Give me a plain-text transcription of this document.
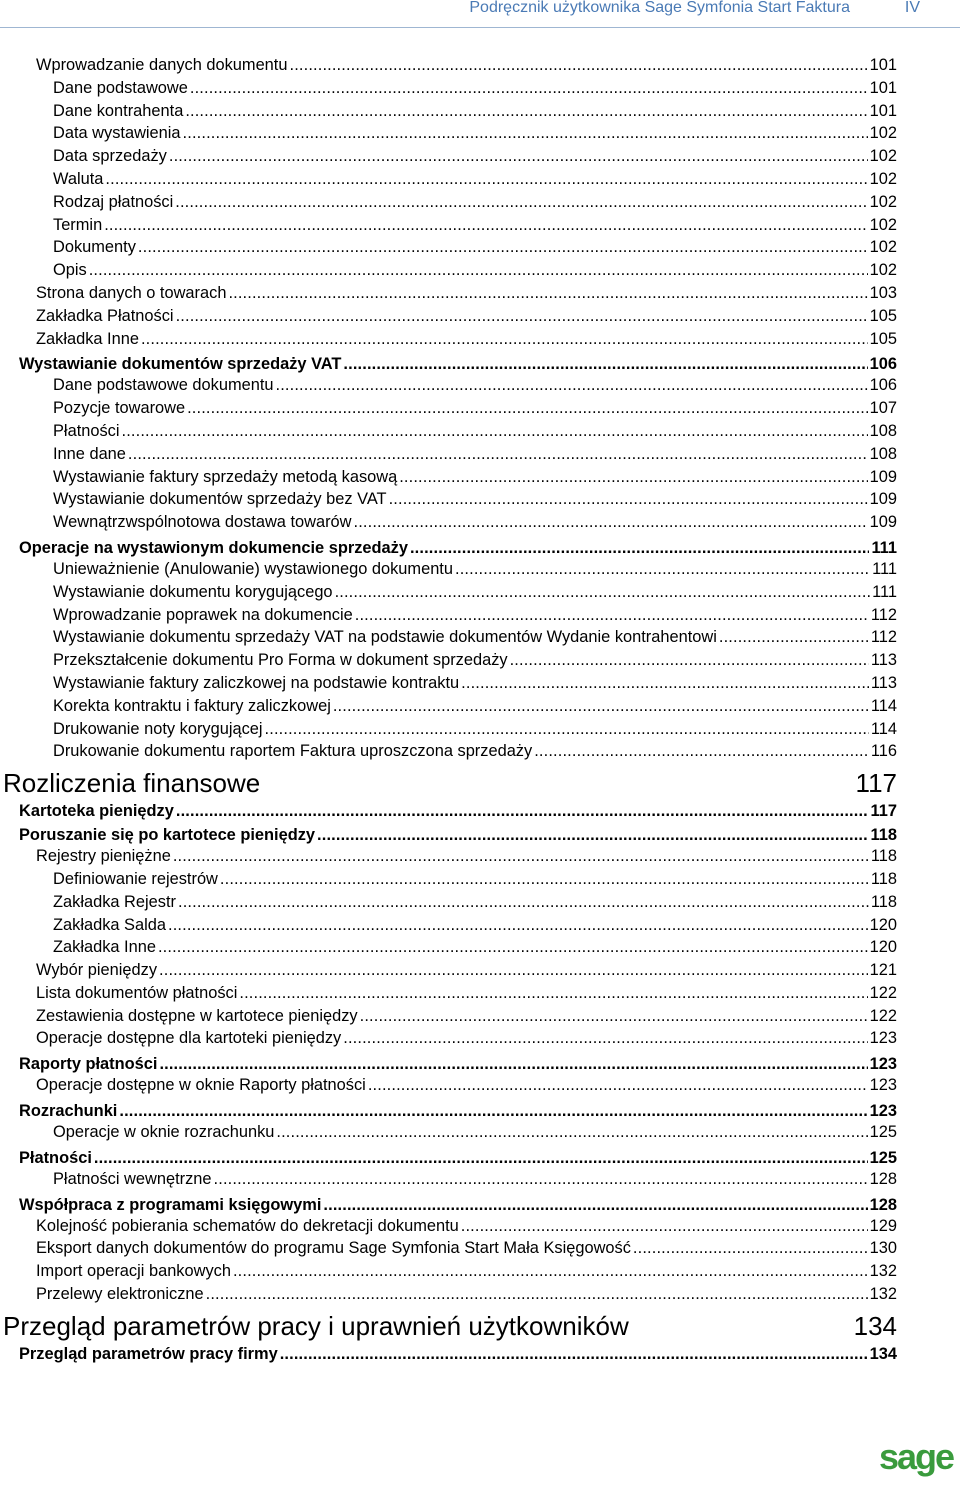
Podręcznik użytkownika Sage Symfonia Start Faktura	IV
Wprowadzanie danych dokumentu . . .	101
Dane podstawowe . . .	101
Dane kontrahenta . . .	101
Data wystawienia . . .	102
Data sprzedaży . . .	102
Waluta . . .	102
Rodzaj płatności . . .	102
Termin . . .	102
Dokumenty . . .	102
Opis . . .	102
Strona danych o towarach . . .	103
Zakładka Płatności . . .	105
Zakładka Inne . . .	105
Wystawianie dokumentów sprzedaży VAT . . .	106
Dane podstawowe dokumentu . . .	106
Pozycje towarowe . . .	107
Płatności . . .	108
Inne dane . . .	108
Wystawianie faktury sprzedaży metodą kasową . . .	109
Wystawianie dokumentów sprzedaży bez VAT . . .	109
Wewnątrzwspólnotowa dostawa towarów . . .	109
Operacje na wystawionym dokumencie sprzedaży . . .	111
Unieważnienie (Anulowanie) wystawionego dokumentu . . .	111
Wystawianie dokumentu korygującego . . .	111
Wprowadzanie poprawek na dokumencie . . .	112
Wystawianie dokumentu sprzedaży VAT na podstawie dokumentów Wydanie kontrahentowi . . .	112
Przekształcenie dokumentu Pro Forma w dokument sprzedaży . . .	113
Wystawianie faktury zaliczkowej na podstawie kontraktu . . .	113
Korekta kontraktu i faktury zaliczkowej . . .	114
Drukowanie noty korygującej . . .	114
Drukowanie dokumentu raportem Faktura uproszczona sprzedaży . . .	116
Rozliczenia finansowe	117
Kartoteka pieniędzy . . .	117
Poruszanie się po kartotece pieniędzy . . .	118
Rejestry pieniężne . . .	118
Definiowanie rejestrów . . .	118
Zakładka Rejestr . . .	118
Zakładka Salda . . .	120
Zakładka Inne . . .	120
Wybór pieniędzy . . .	121
Lista dokumentów płatności . . .	122
Zestawienia dostępne w kartotece pieniędzy . . .	122
Operacje dostępne dla kartoteki pieniędzy . . .	123
Raporty płatności . . .	123
Operacje dostępne w oknie Raporty płatności . . .	123
Rozrachunki . . .	123
Operacje w oknie rozrachunku . . .	125
Płatności . . .	125
Płatności wewnętrzne . . .	128
Współpraca z programami księgowymi . . .	128
Kolejność pobierania schematów do dekretacji dokumentu . . .	129
Eksport danych dokumentów do programu Sage Symfonia Start Mała Księgowość . . .	130
Import operacji bankowych . . .	132
Przelewy elektroniczne . . .	132
Przegląd parametrów pracy i uprawnień użytkowników	134
Przegląd parametrów pracy firmy . . .	134
sage
